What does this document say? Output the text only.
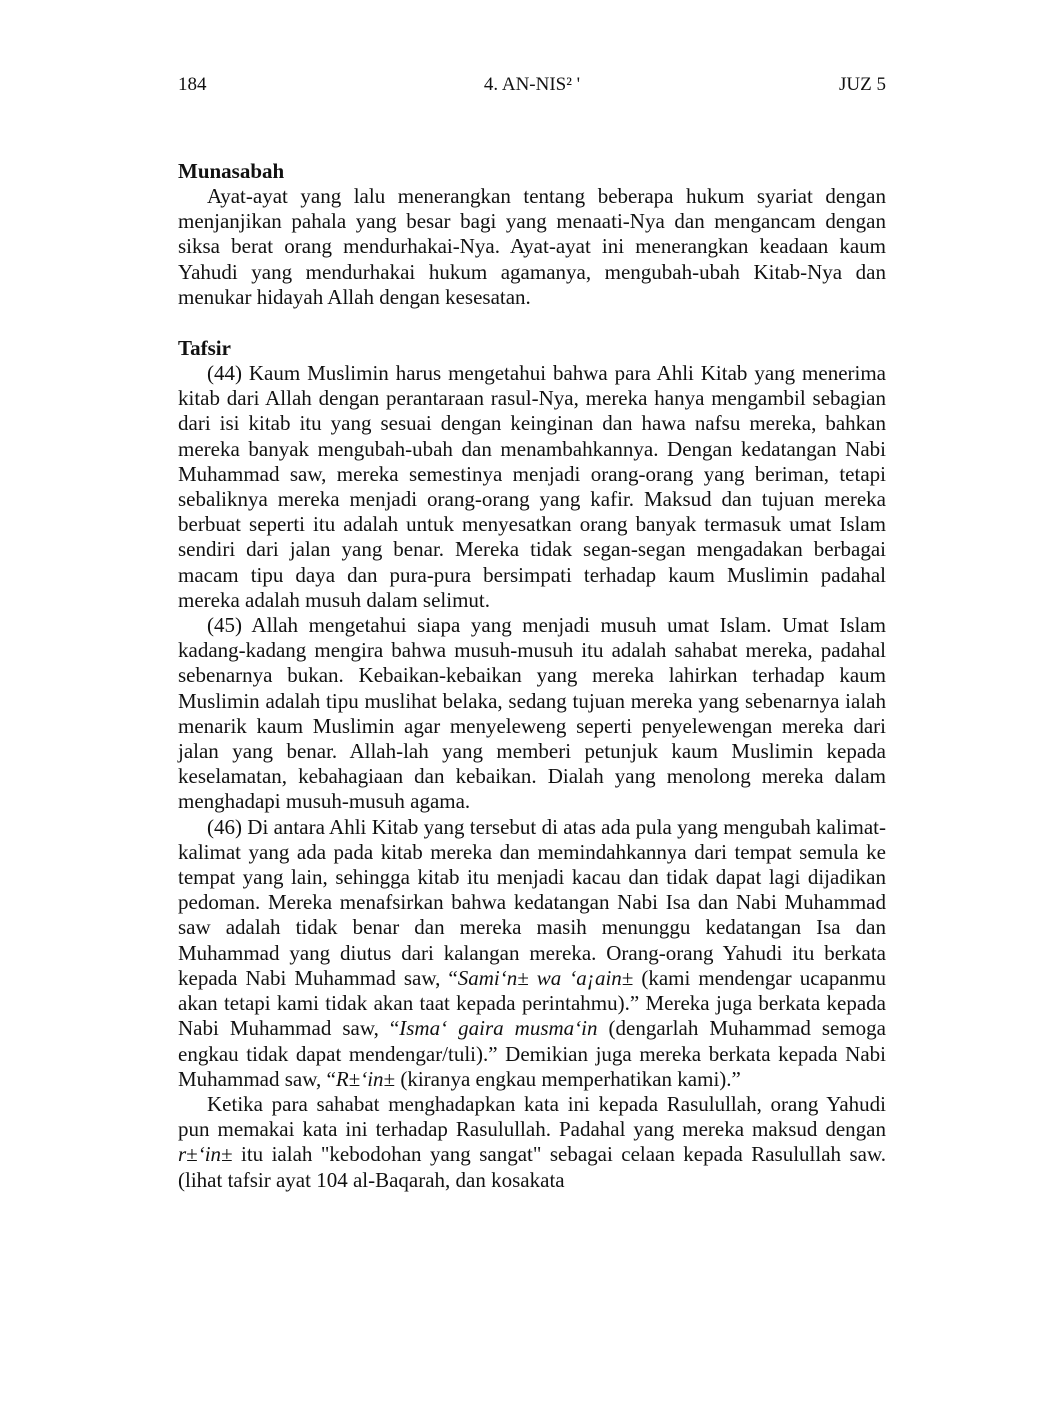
184	4. AN-NIS² '	JUZ 5
Munasabah

Ayat-ayat yang lalu menerangkan tentang beberapa hukum syariat dengan menjanjikan pahala yang besar bagi yang menaati-Nya dan mengancam dengan siksa berat orang mendurhakai-Nya. Ayat-ayat ini menerangkan keadaan kaum Yahudi yang mendurhakai hukum agamanya, mengubah-ubah Kitab-Nya dan menukar hidayah Allah dengan kesesatan.

Tafsir

(44) Kaum Muslimin harus mengetahui bahwa para Ahli Kitab yang menerima kitab dari Allah dengan perantaraan rasul-Nya, mereka hanya mengambil sebagian dari isi kitab itu yang sesuai dengan keinginan dan hawa nafsu mereka, bahkan mereka banyak mengubah-ubah dan menambahkannya. Dengan kedatangan Nabi Muhammad saw, mereka semestinya menjadi orang-orang yang beriman, tetapi sebaliknya mereka menjadi orang-orang yang kafir. Maksud dan tujuan mereka berbuat seperti itu adalah untuk menyesatkan orang banyak termasuk umat Islam sendiri dari jalan yang benar. Mereka tidak segan-segan mengadakan berbagai macam tipu daya dan pura-pura bersimpati terhadap kaum Muslimin padahal mereka adalah musuh dalam selimut.

(45) Allah mengetahui siapa yang menjadi musuh umat Islam. Umat Islam kadang-kadang mengira bahwa musuh-musuh itu adalah sahabat mereka, padahal sebenarnya bukan. Kebaikan-kebaikan yang mereka lahirkan terhadap kaum Muslimin adalah tipu muslihat belaka, sedang tujuan mereka yang sebenarnya ialah menarik kaum Muslimin agar menyeleweng seperti penyelewengan mereka dari jalan yang benar. Allah-lah yang memberi petunjuk kaum Muslimin kepada keselamatan, kebahagiaan dan kebaikan. Dialah yang menolong mereka dalam menghadapi musuh-musuh agama.

(46) Di antara Ahli Kitab yang tersebut di atas ada pula yang mengubah kalimat-kalimat yang ada pada kitab mereka dan memindahkannya dari tempat semula ke tempat yang lain, sehingga kitab itu menjadi kacau dan tidak dapat lagi dijadikan pedoman. Mereka menafsirkan bahwa kedatangan Nabi Isa dan Nabi Muhammad saw adalah tidak benar dan mereka masih menunggu kedatangan Isa dan Muhammad yang diutus dari kalangan mereka. Orang-orang Yahudi itu berkata kepada Nabi Muhammad saw, “Sami‘n± wa ‘a¡ain± (kami mendengar ucapanmu akan tetapi kami tidak akan taat kepada perintahmu).” Mereka juga berkata kepada Nabi Muhammad saw, “Isma‘ gaira musma‘in (dengarlah Muhammad semoga engkau tidak dapat mendengar/tuli).” Demikian juga mereka berkata kepada Nabi Muhammad saw, “R±‘in± (kiranya engkau memperhatikan kami).”

Ketika para sahabat menghadapkan kata ini kepada Rasulullah, orang Yahudi pun memakai kata ini terhadap Rasulullah. Padahal yang mereka maksud dengan r±‘in± itu ialah "kebodohan yang sangat" sebagai celaan kepada Rasulullah saw. (lihat tafsir ayat 104 al-Baqarah, dan kosakata
